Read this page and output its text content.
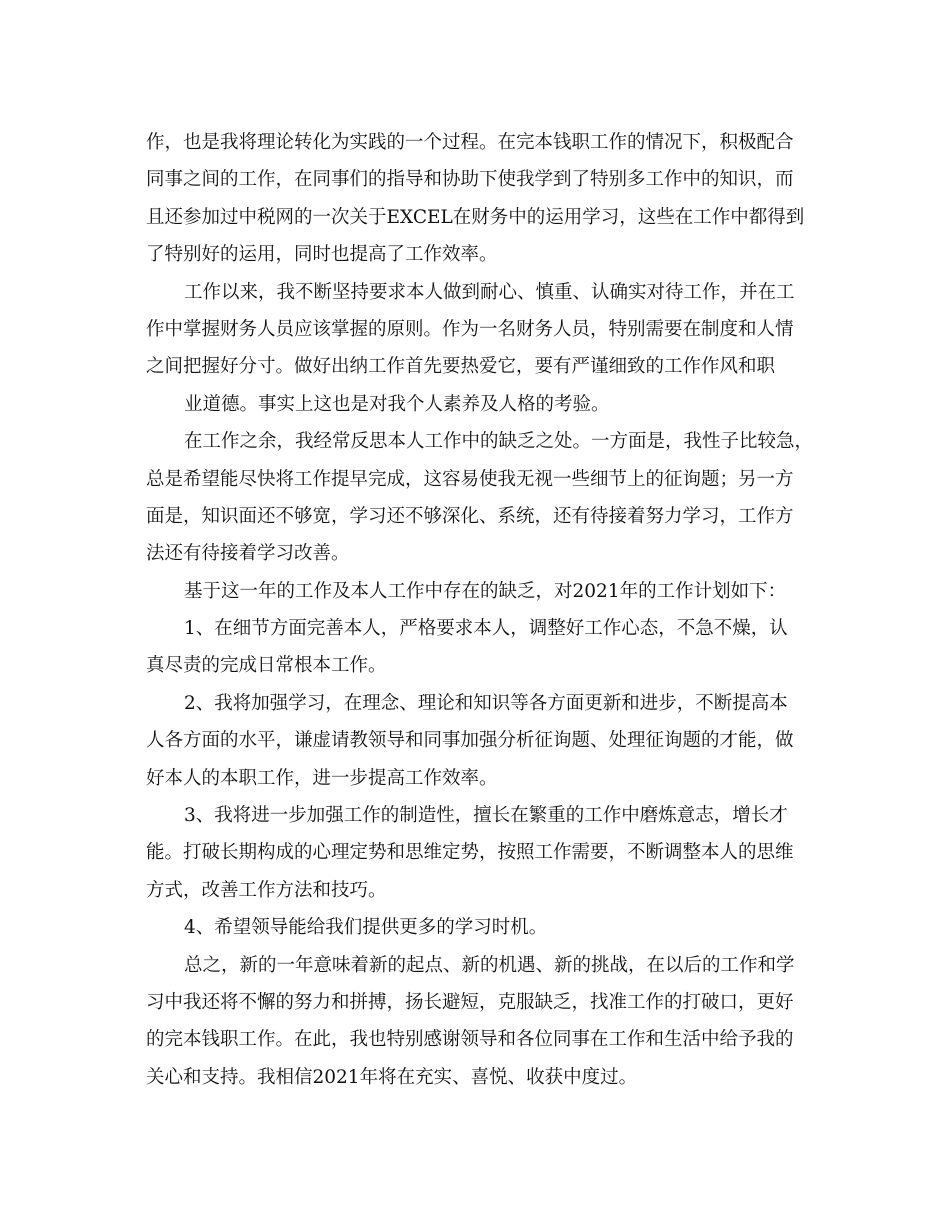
作，也是我将理论转化为实践的一个过程。在完本钱职工作的情况下，积极配合
同事之间的工作，在同事们的指导和协助下使我学到了特别多工作中的知识，而
且还参加过中税网的一次关于EXCEL在财务中的运用学习，这些在工作中都得到
了特别好的运用，同时也提高了工作效率。
工作以来，我不断坚持要求本人做到耐心、慎重、认确实对待工作，并在工
作中掌握财务人员应该掌握的原则。作为一名财务人员，特别需要在制度和人情
之间把握好分寸。做好出纳工作首先要热爱它，要有严谨细致的工作作风和职
业道德。事实上这也是对我个人素养及人格的考验。
在工作之余，我经常反思本人工作中的缺乏之处。一方面是，我性子比较急，
总是希望能尽快将工作提早完成，这容易使我无视一些细节上的征询题；另一方
面是，知识面还不够宽，学习还不够深化、系统，还有待接着努力学习，工作方
法还有待接着学习改善。
基于这一年的工作及本人工作中存在的缺乏，对2021年的工作计划如下：
1、在细节方面完善本人，严格要求本人，调整好工作心态，不急不燥，认
真尽责的完成日常根本工作。
2、我将加强学习，在理念、理论和知识等各方面更新和进步，不断提高本
人各方面的水平，谦虚请教领导和同事加强分析征询题、处理征询题的才能，做
好本人的本职工作，进一步提高工作效率。
3、我将进一步加强工作的制造性，擅长在繁重的工作中磨炼意志，增长才
能。打破长期构成的心理定势和思维定势，按照工作需要，不断调整本人的思维
方式，改善工作方法和技巧。
4、希望领导能给我们提供更多的学习时机。
总之，新的一年意味着新的起点、新的机遇、新的挑战，在以后的工作和学
习中我还将不懈的努力和拼搏，扬长避短，克服缺乏，找准工作的打破口，更好
的完本钱职工作。在此，我也特别感谢领导和各位同事在工作和生活中给予我的
关心和支持。我相信2021年将在充实、喜悦、收获中度过。
